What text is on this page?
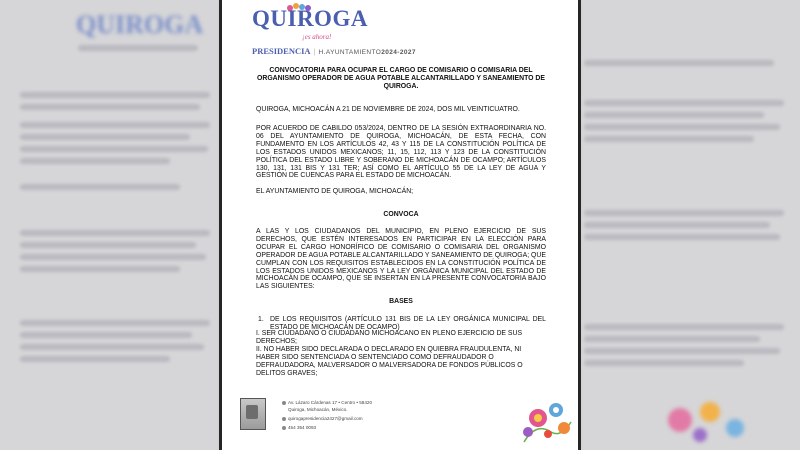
QUIROGA QUIROGA
¡es ahora!
PRESIDENCIA | H.AYUNTAMIENTO2024-2027
CONVOCATORIA PARA OCUPAR EL CARGO DE COMISARIO O COMISARIA DEL ORGANISMO OPERADOR DE AGUA POTABLE ALCANTARILLADO Y SANEAMIENTO DE QUIROGA.
QUIROGA, MICHOACÁN A 21 DE NOVIEMBRE DE 2024, DOS MIL VEINTICUATRO.
POR ACUERDO DE CABILDO 053/2024, DENTRO DE LA SESIÓN EXTRAORDINARIA NO. 06 DEL AYUNTAMIENTO DE QUIROGA, MICHOACÁN, DE ESTA FECHA, CON FUNDAMENTO EN LOS ARTÍCULOS 42, 43 Y 115 DE LA CONSTITUCIÓN POLÍTICA DE LOS ESTADOS UNIDOS MEXICANOS; 11, 15, 112, 113 Y 123 DE LA CONSTITUCIÓN POLÍTICA DEL ESTADO LIBRE Y SOBERANO DE MICHOACÁN DE OCAMPO; ARTÍCULOS 130, 131, 131 BIS Y 131 TER; ASÍ COMO EL ARTÍCULO 55 DE LA LEY DE AGUA Y GESTIÓN DE CUENCAS PARA EL ESTADO DE MICHOACÁN.
EL AYUNTAMIENTO DE QUIROGA, MICHOACÁN;
CONVOCA
A LAS Y LOS CIUDADANOS DEL MUNICIPIO, EN PLENO EJERCICIO DE SUS DERECHOS, QUE ESTÉN INTERESADOS EN PARTICIPAR EN LA ELECCIÓN PARA OCUPAR EL CARGO HONORÍFICO DE COMISARIO O COMISARIA DEL ORGANISMO OPERADOR DE AGUA POTABLE ALCANTARILLADO Y SANEAMIENTO DE QUIROGA; QUE CUMPLAN CON LOS REQUISITOS ESTABLECIDOS EN LA CONSTITUCIÓN POLÍTICA DE LOS ESTADOS UNIDOS MEXICANOS Y LA LEY ORGÁNICA MUNICIPAL DEL ESTADO DE MICHOACÁN DE OCAMPO, QUE SE INSERTAN EN LA PRESENTE CONVOCATORIA BAJO LAS SIGUIENTES:
BASES
1. DE LOS REQUISITOS (ARTÍCULO 131 BIS DE LA LEY ORGÁNICA MUNICIPAL DEL ESTADO DE MICHOACÁN DE OCAMPO)
I. SER CIUDADANO O CIUDADANO MICHOACANO EN PLENO EJERCICIO DE SUS DERECHOS;
II. NO HABER SIDO DECLARADA O DECLARADO EN QUIEBRA FRAUDULENTA, NI HABER SIDO SENTENCIADA O SENTENCIADO COMO DEFRAUDADOR O DEFRAUDADORA, MALVERSADOR O MALVERSADORA DE FONDOS PÚBLICOS O DELITOS GRAVES;
Av. Lázaro Cárdenas 17 • Centro • 58420
Quiroga, Michoacán, México.
quirogapresidencia2427@gmail.com
454 354 0093
